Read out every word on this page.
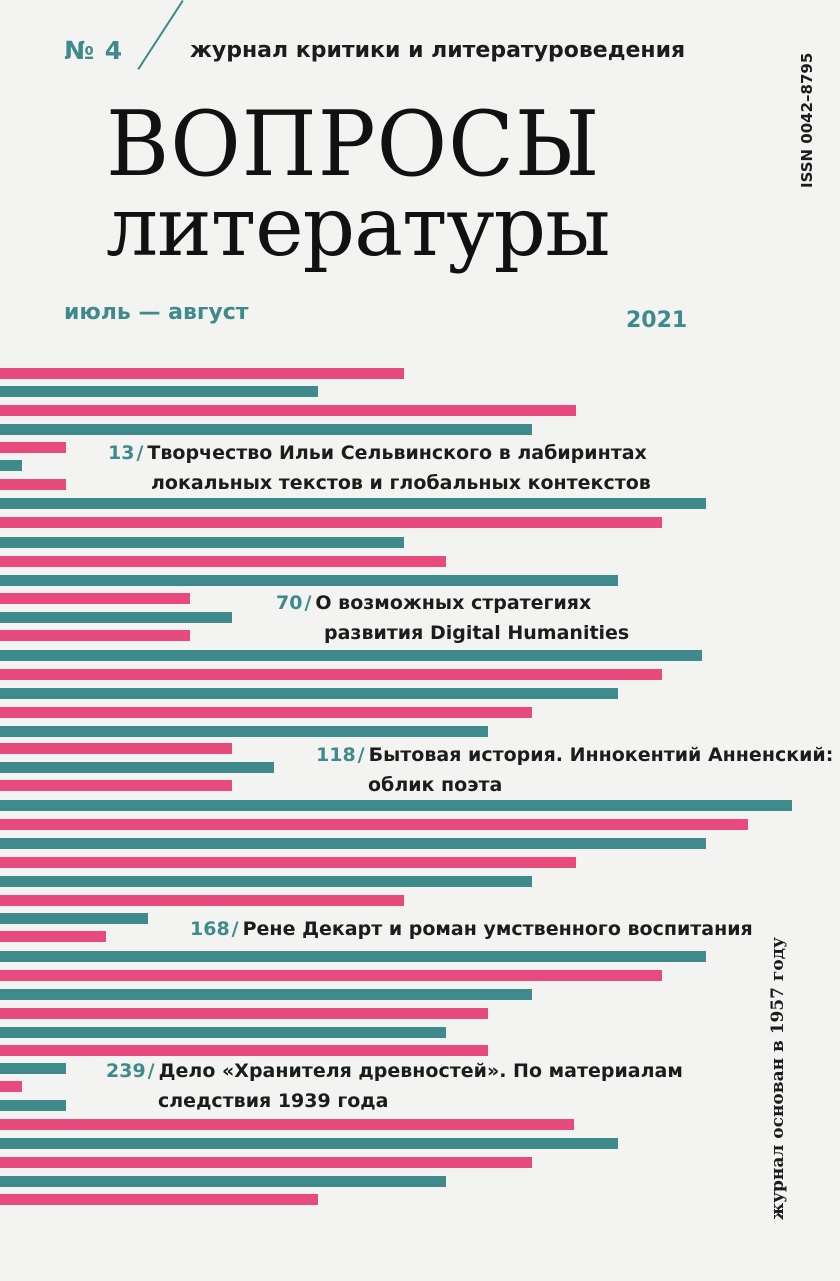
№ 4	журнал критики и литературоведения
ВОПРОСЫ
литературы
июль — август	2021
ISSN 0042–8795
журнал основан в 1957 году
13 / Творчество Ильи Сельвинского в лабиринтах
локальных текстов и глобальных контекстов
70 / О возможных стратегиях
развития Digital Humanities
118 / Бытовая история. Иннокентий Анненский:
облик поэта
168 / Рене Декарт и роман умственного воспитания
239 / Дело «Хранителя древностей». По материалам
следствия 1939 года
